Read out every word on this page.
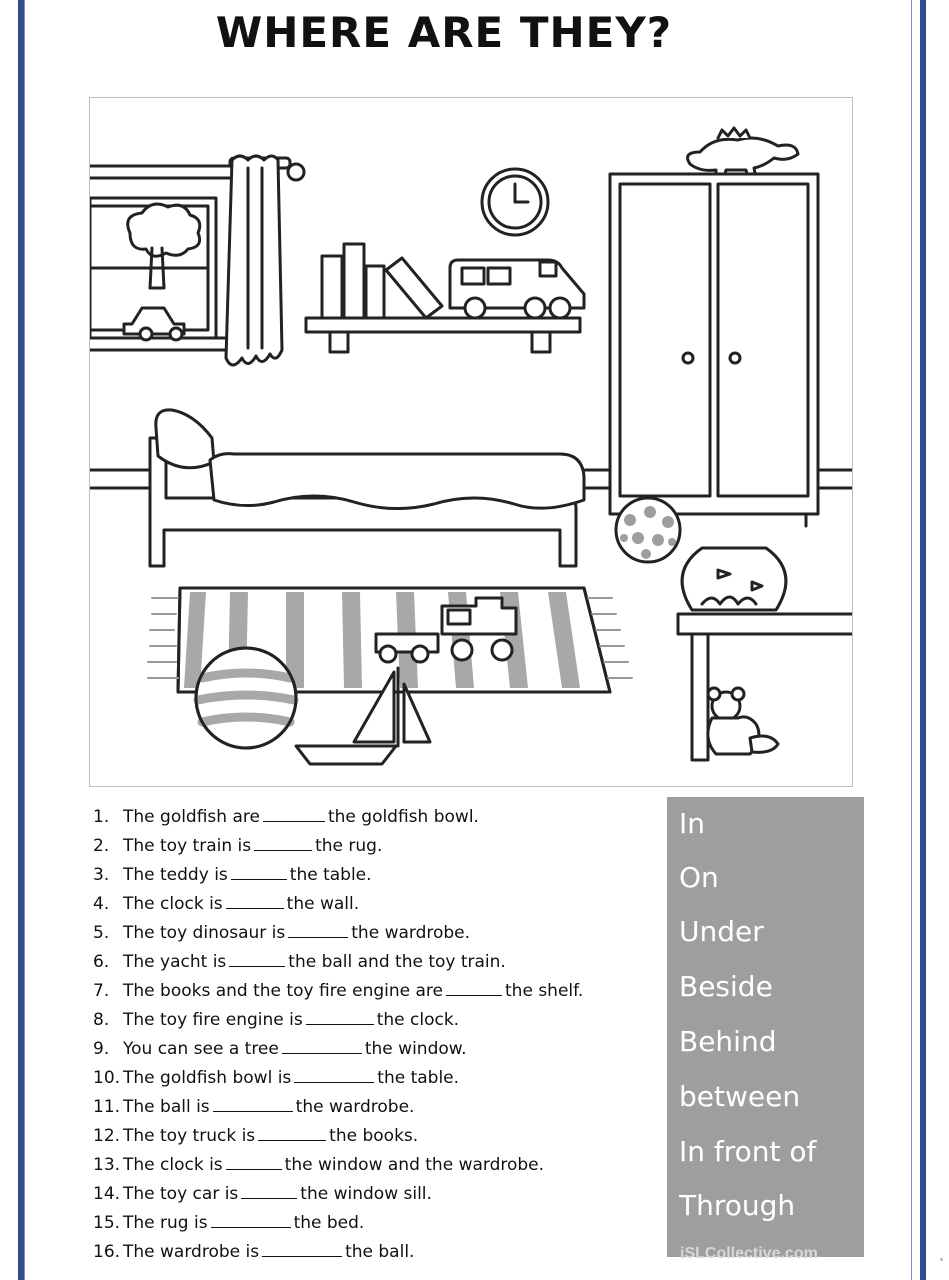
WHERE ARE THEY?
1. The goldfish are	the goldfish bowl.
2. The toy train is	the rug.
3. The teddy is	the table.
4. The clock is	the wall.
5. The toy dinosaur is	the wardrobe.
6. The yacht is	the ball and the toy train.
7. The books and the toy fire engine are	the shelf.
8. The toy fire engine is	the clock.
9. You can see a tree	the window.
10. The goldfish bowl is	the table.
11. The ball is	the wardrobe.
12. The toy truck is	the books.
13. The clock is	the window and the wardrobe.
14. The toy car is	the window sill.
15. The rug is	the bed.
16. The wardrobe is	the ball.
In
On
Under
Beside
Behind
between
In front of
Through
iSLCollective.com
